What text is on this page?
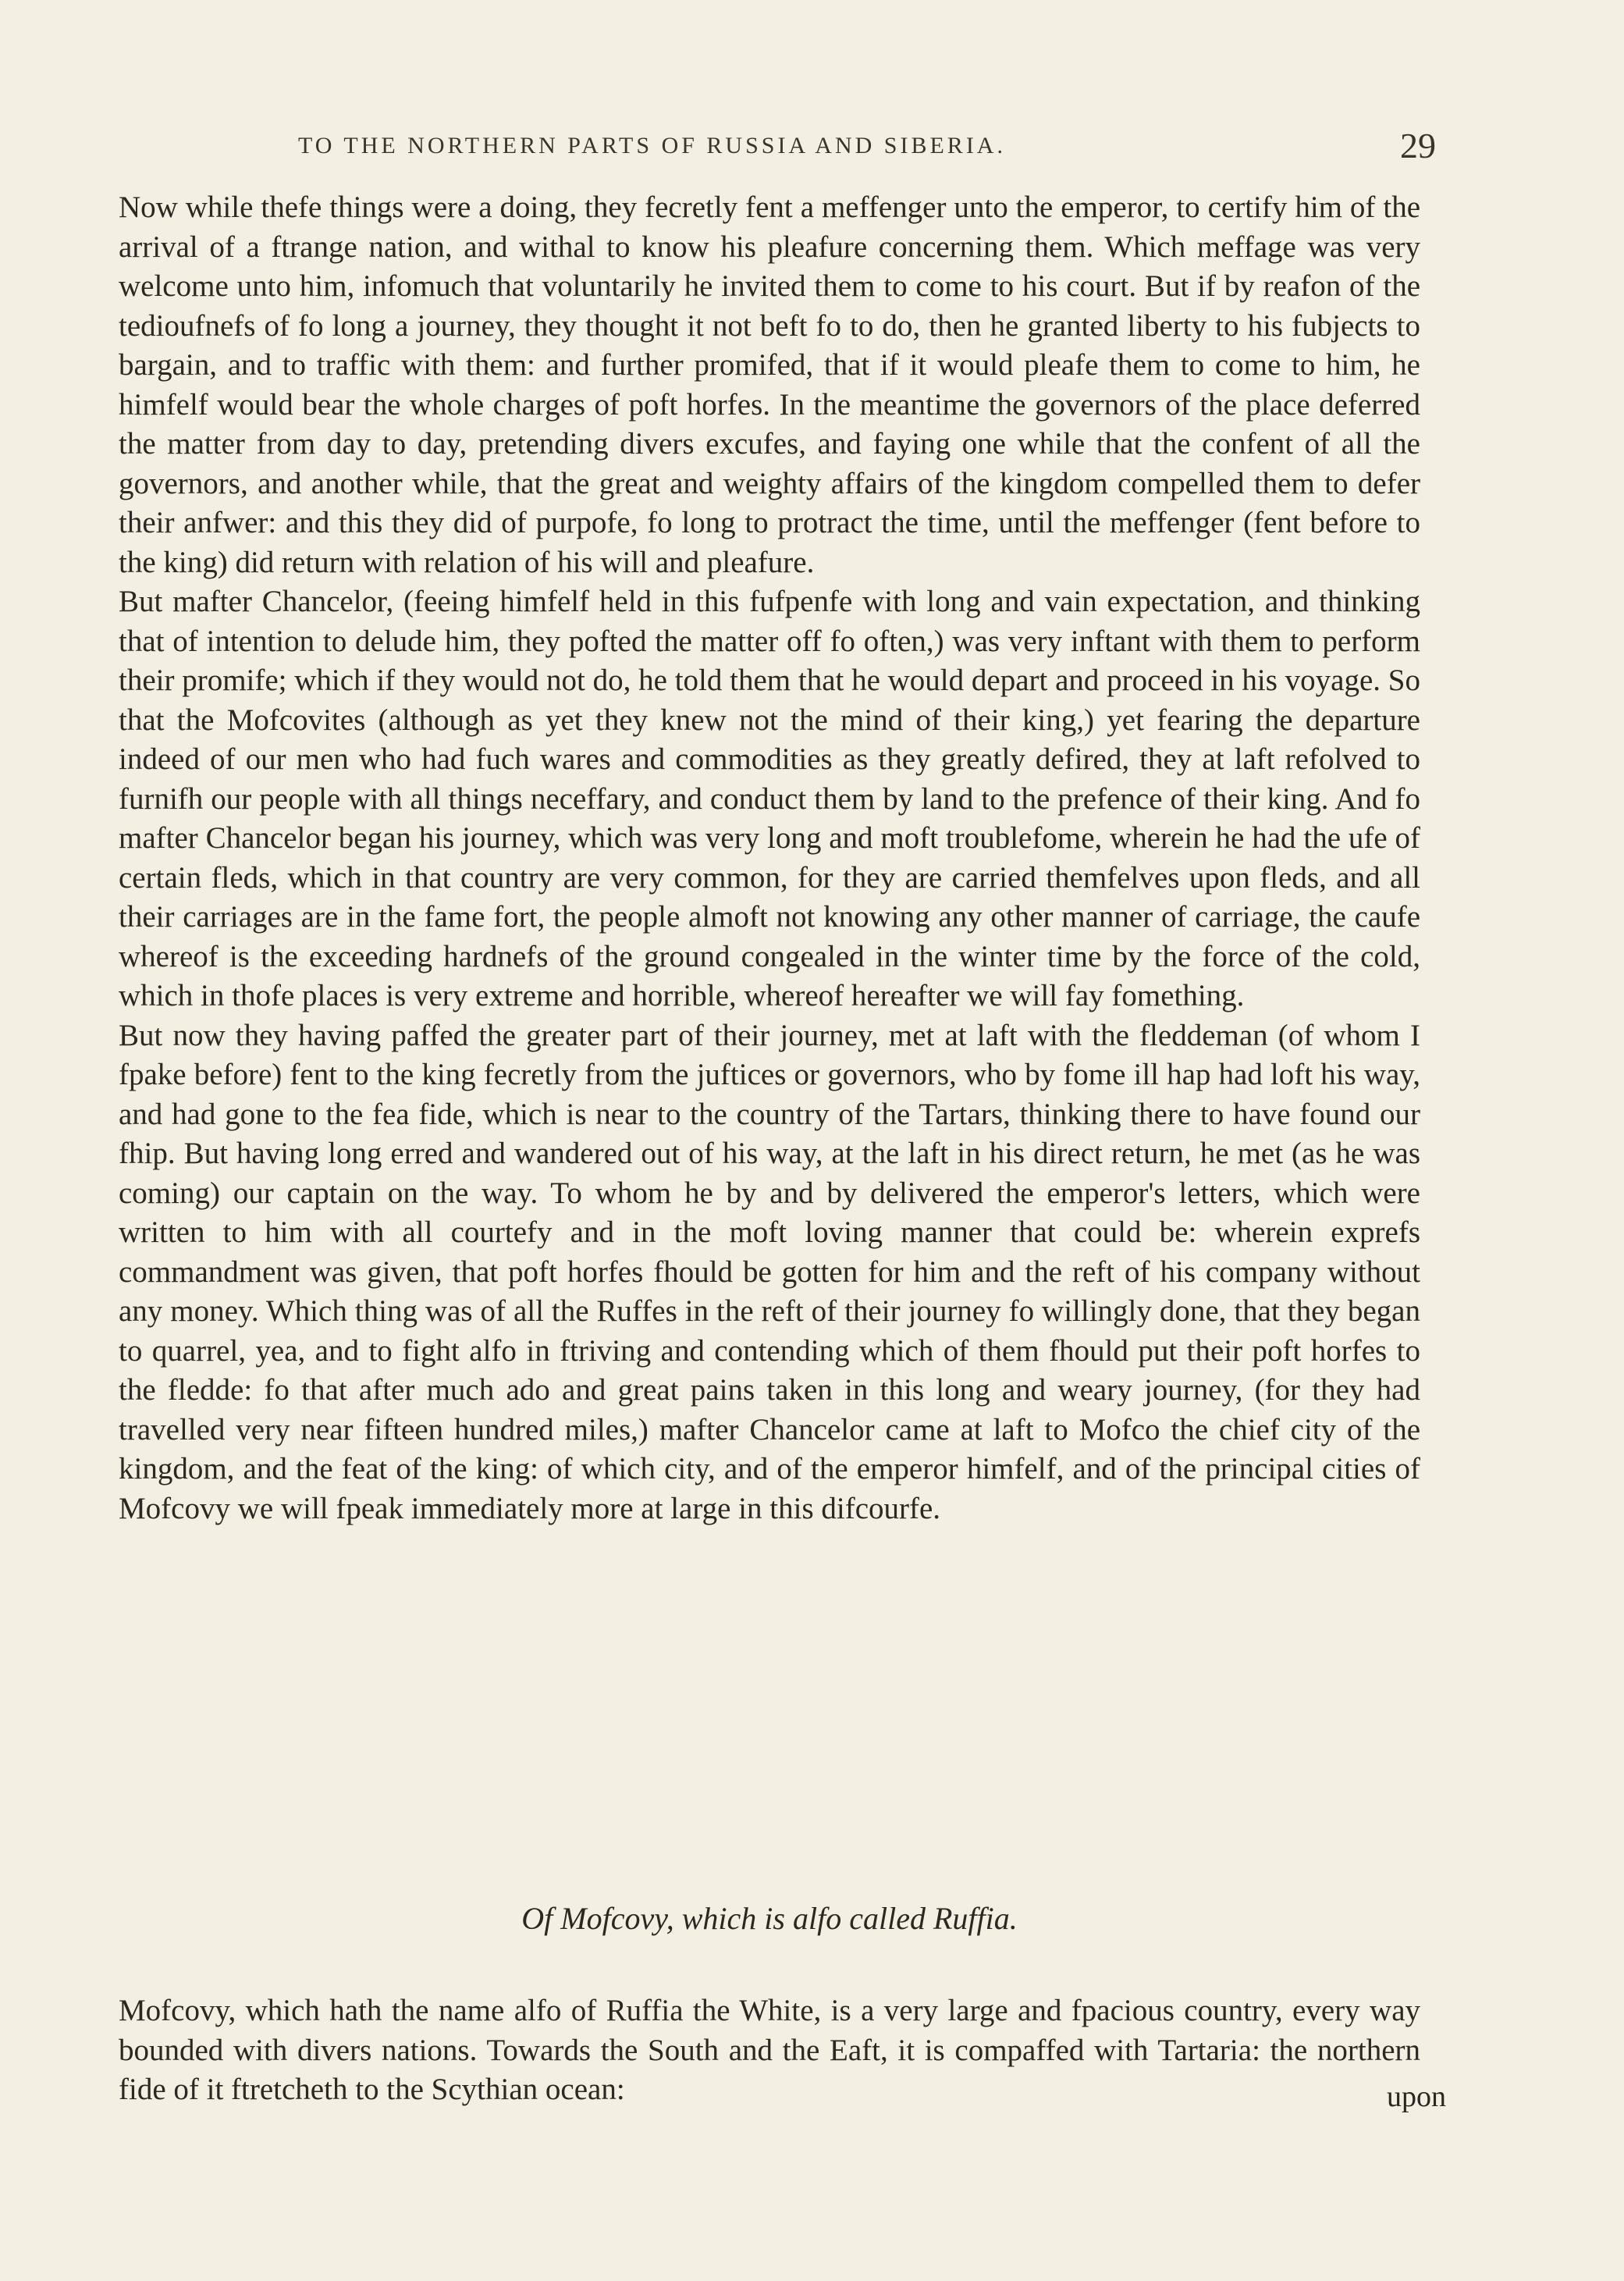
TO THE NORTHERN PARTS OF RUSSIA AND SIBERIA.	29

Now while thefe things were a doing, they fecretly fent a meffenger unto the emperor, to certify him of the arrival of a ftrange nation, and withal to know his pleafure concerning them. Which meffage was very welcome unto him, infomuch that voluntarily he invited them to come to his court. But if by reafon of the tedioufnefs of fo long a journey, they thought it not beft fo to do, then he granted liberty to his fubjects to bargain, and to traffic with them: and further promifed, that if it would pleafe them to come to him, he himfelf would bear the whole charges of poft horfes. In the meantime the governors of the place deferred the matter from day to day, pretending divers excufes, and faying one while that the confent of all the governors, and another while, that the great and weighty affairs of the kingdom compelled them to defer their anfwer: and this they did of purpofe, fo long to protract the time, until the meffenger (fent before to the king) did return with relation of his will and pleafure.

But mafter Chancelor, (feeing himfelf held in this fufpenfe with long and vain expectation, and thinking that of intention to delude him, they pofted the matter off fo often,) was very inftant with them to perform their promife; which if they would not do, he told them that he would depart and proceed in his voyage. So that the Mofcovites (although as yet they knew not the mind of their king,) yet fearing the departure indeed of our men who had fuch wares and commodities as they greatly defired, they at laft refolved to furnifh our people with all things neceffary, and conduct them by land to the prefence of their king. And fo mafter Chancelor began his journey, which was very long and moft troublefome, wherein he had the ufe of certain fleds, which in that country are very common, for they are carried themfelves upon fleds, and all their carriages are in the fame fort, the people almoft not knowing any other manner of carriage, the caufe whereof is the exceeding hardnefs of the ground congealed in the winter time by the force of the cold, which in thofe places is very extreme and horrible, whereof hereafter we will fay fomething.

But now they having paffed the greater part of their journey, met at laft with the fleddeman (of whom I fpake before) fent to the king fecretly from the juftices or governors, who by fome ill hap had loft his way, and had gone to the fea fide, which is near to the country of the Tartars, thinking there to have found our fhip. But having long erred and wandered out of his way, at the laft in his direct return, he met (as he was coming) our captain on the way. To whom he by and by delivered the emperor's letters, which were written to him with all courtefy and in the moft loving manner that could be: wherein exprefs commandment was given, that poft horfes fhould be gotten for him and the reft of his company without any money. Which thing was of all the Ruffes in the reft of their journey fo willingly done, that they began to quarrel, yea, and to fight alfo in ftriving and contending which of them fhould put their poft horfes to the fledde: fo that after much ado and great pains taken in this long and weary journey, (for they had travelled very near fifteen hundred miles,) mafter Chancelor came at laft to Mofco the chief city of the kingdom, and the feat of the king: of which city, and of the emperor himfelf, and of the principal cities of Mofcovy we will fpeak immediately more at large in this difcourfe.

Of Mofcovy, which is alfo called Ruffia.

Mofcovy, which hath the name alfo of Ruffia the White, is a very large and fpacious country, every way bounded with divers nations. Towards the South and the Eaft, it is compaffed with Tartaria: the northern fide of it ftretcheth to the Scythian ocean:	upon
